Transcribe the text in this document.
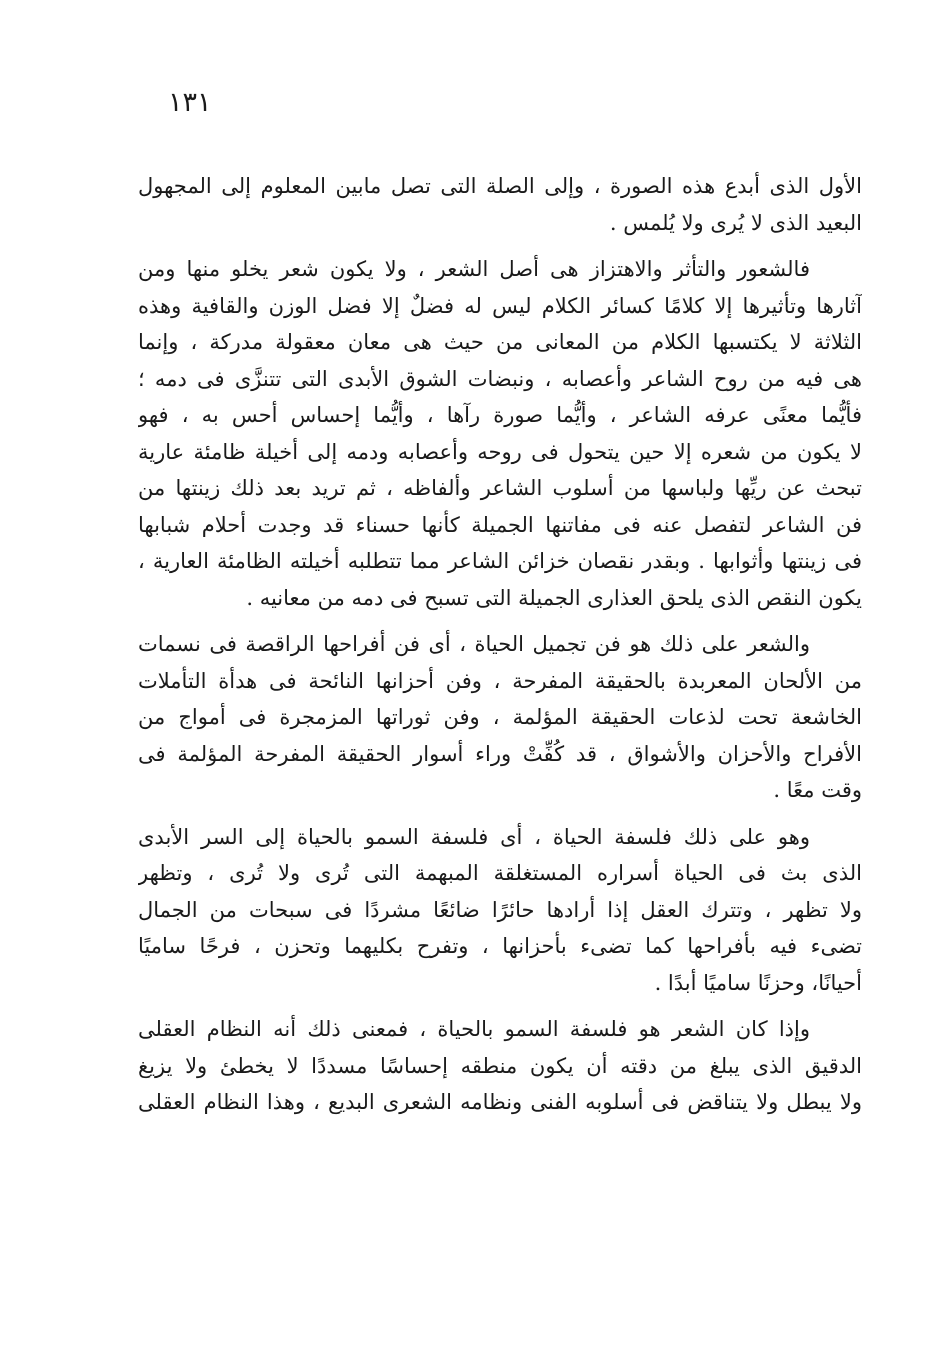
١٣١
الأول الذى أبدع هذه الصورة ، وإلى الصلة التى تصل مابين المعلوم إلى المجهول
البعيد الذى لا يُرى ولا يُلمس .
فالشعور والتأثر والاهتزاز هى أصل الشعر ، ولا يكون شعر يخلو منها ومن
آثارها وتأثيرها إلا كلامًا كسائر الكلام ليس له فضلٌ إلا فضل الوزن والقافية وهذه
الثلاثة لا يكتسبها الكلام من المعانى من حيث هى معان معقولة مدركة ، وإنما
هى فيه من روح الشاعر وأعصابه ، ونبضات الشوق الأبدى التى تتنزَّى فى دمه ؛
فأيُّما معنًى عرفه الشاعر ، وأيُّما صورة رآها ، وأيُّما إحساس أحس به ، فهو
لا يكون من شعره إلا حين يتحول فى روحه وأعصابه ودمه إلى أخيلة ظامئة عارية
تبحث عن ريِّها ولباسها من أسلوب الشاعر وألفاظه ، ثم تريد بعد ذلك زينتها من
فن الشاعر لتفصل عنه فى مفاتنها الجميلة كأنها حسناء قد وجدت أحلام شبابها
فى زينتها وأثوابها . وبقدر نقصان خزائن الشاعر مما تتطلبه أخيلته الظامئة العارية ،
يكون النقص الذى يلحق العذارى الجميلة التى تسبح فى دمه من معانيه .
والشعر على ذلك هو فن تجميل الحياة ، أى فن أفراحها الراقصة فى نسمات
من الألحان المعربدة بالحقيقة المفرحة ، وفن أحزانها النائحة فى هدأة التأملات
الخاشعة تحت لذعات الحقيقة المؤلمة ، وفن ثوراتها المزمجرة فى أمواج من
الأفراح والأحزان والأشواق ، قد كُفِّتْ وراء أسوار الحقيقة المفرحة المؤلمة فى
وقت معًا .
وهو على ذلك فلسفة الحياة ، أى فلسفة السمو بالحياة إلى السر الأبدى
الذى بث فى الحياة أسراره المستغلقة المبهمة التى تُرى ولا تُرى ، وتظهر
ولا تظهر ، وتترك العقل إذا أرادها حائرًا ضائعًا مشردًا فى سبحات من الجمال
تضىء فيه بأفراحها كما تضىء بأحزانها ، وتفرح بكليهما وتحزن ، فرحًا ساميًا
أحيانًا، وحزنًا ساميًا أبدًا .
وإذا كان الشعر هو فلسفة السمو بالحياة ، فمعنى ذلك أنه النظام العقلى
الدقيق الذى يبلغ من دقته أن يكون منطقه إحساسًا مسددًا لا يخطئ ولا يزيغ
ولا يبطل ولا يتناقض فى أسلوبه الفنى ونظامه الشعرى البديع ، وهذا النظام العقلى
